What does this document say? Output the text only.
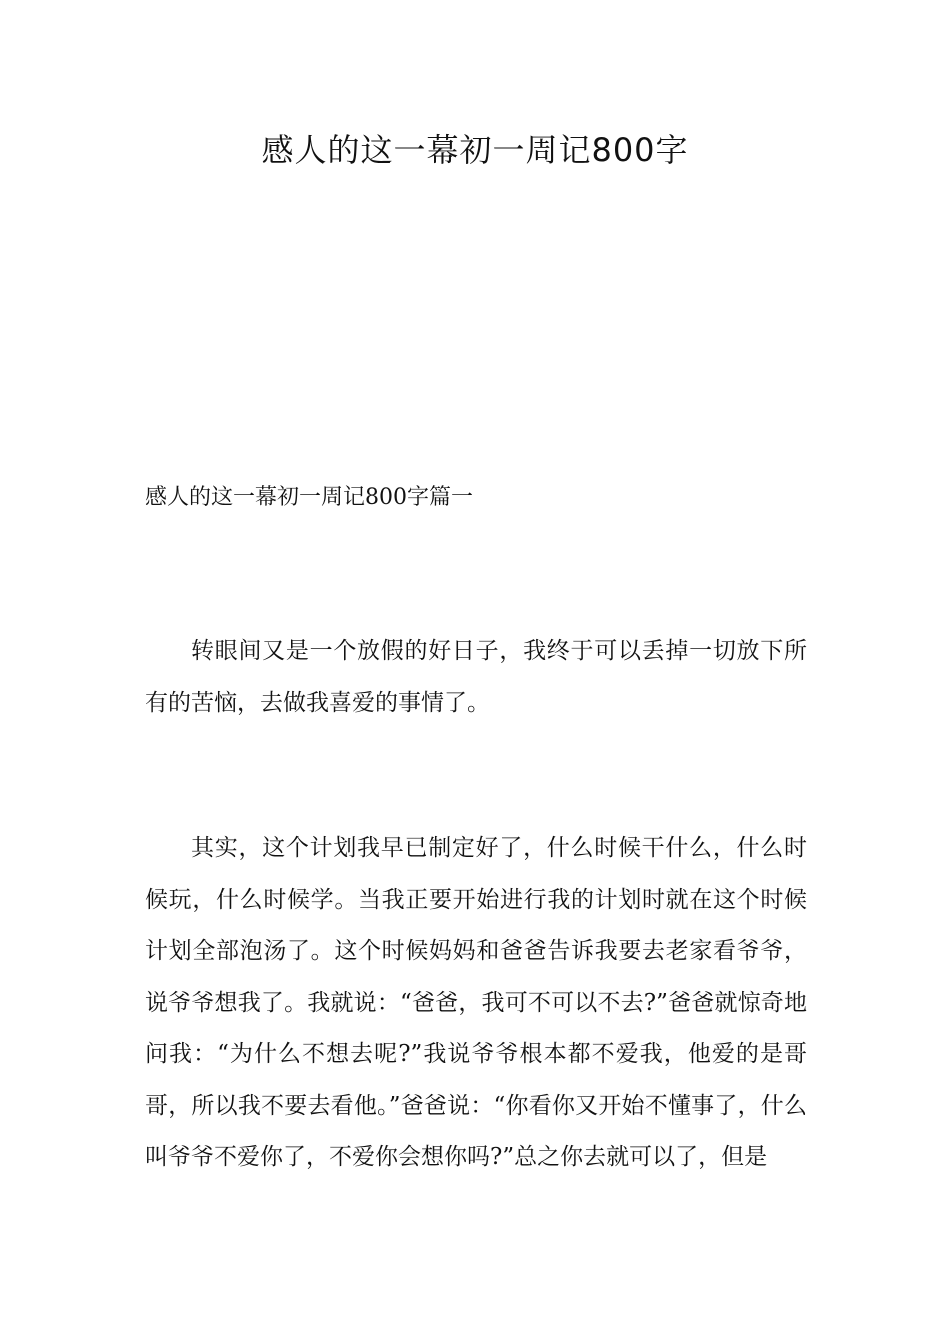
感人的这一幕初一周记800字
感人的这一幕初一周记800字篇一

转眼间又是一个放假的好日子，我终于可以丢掉一切放下所有的苦恼，去做我喜爱的事情了。

其实，这个计划我早已制定好了，什么时候干什么，什么时候玩，什么时候学。当我正要开始进行我的计划时就在这个时候计划全部泡汤了。这个时候妈妈和爸爸告诉我要去老家看爷爷，说爷爷想我了。我就说：“爸爸，我可不可以不去?”爸爸就惊奇地问我：“为什么不想去呢?”我说爷爷根本都不爱我，他爱的是哥哥，所以我不要去看他。”爸爸说：“你看你又开始不懂事了，什么叫爷爷不爱你了，不爱你会想你吗?”总之你去就可以了，但是
